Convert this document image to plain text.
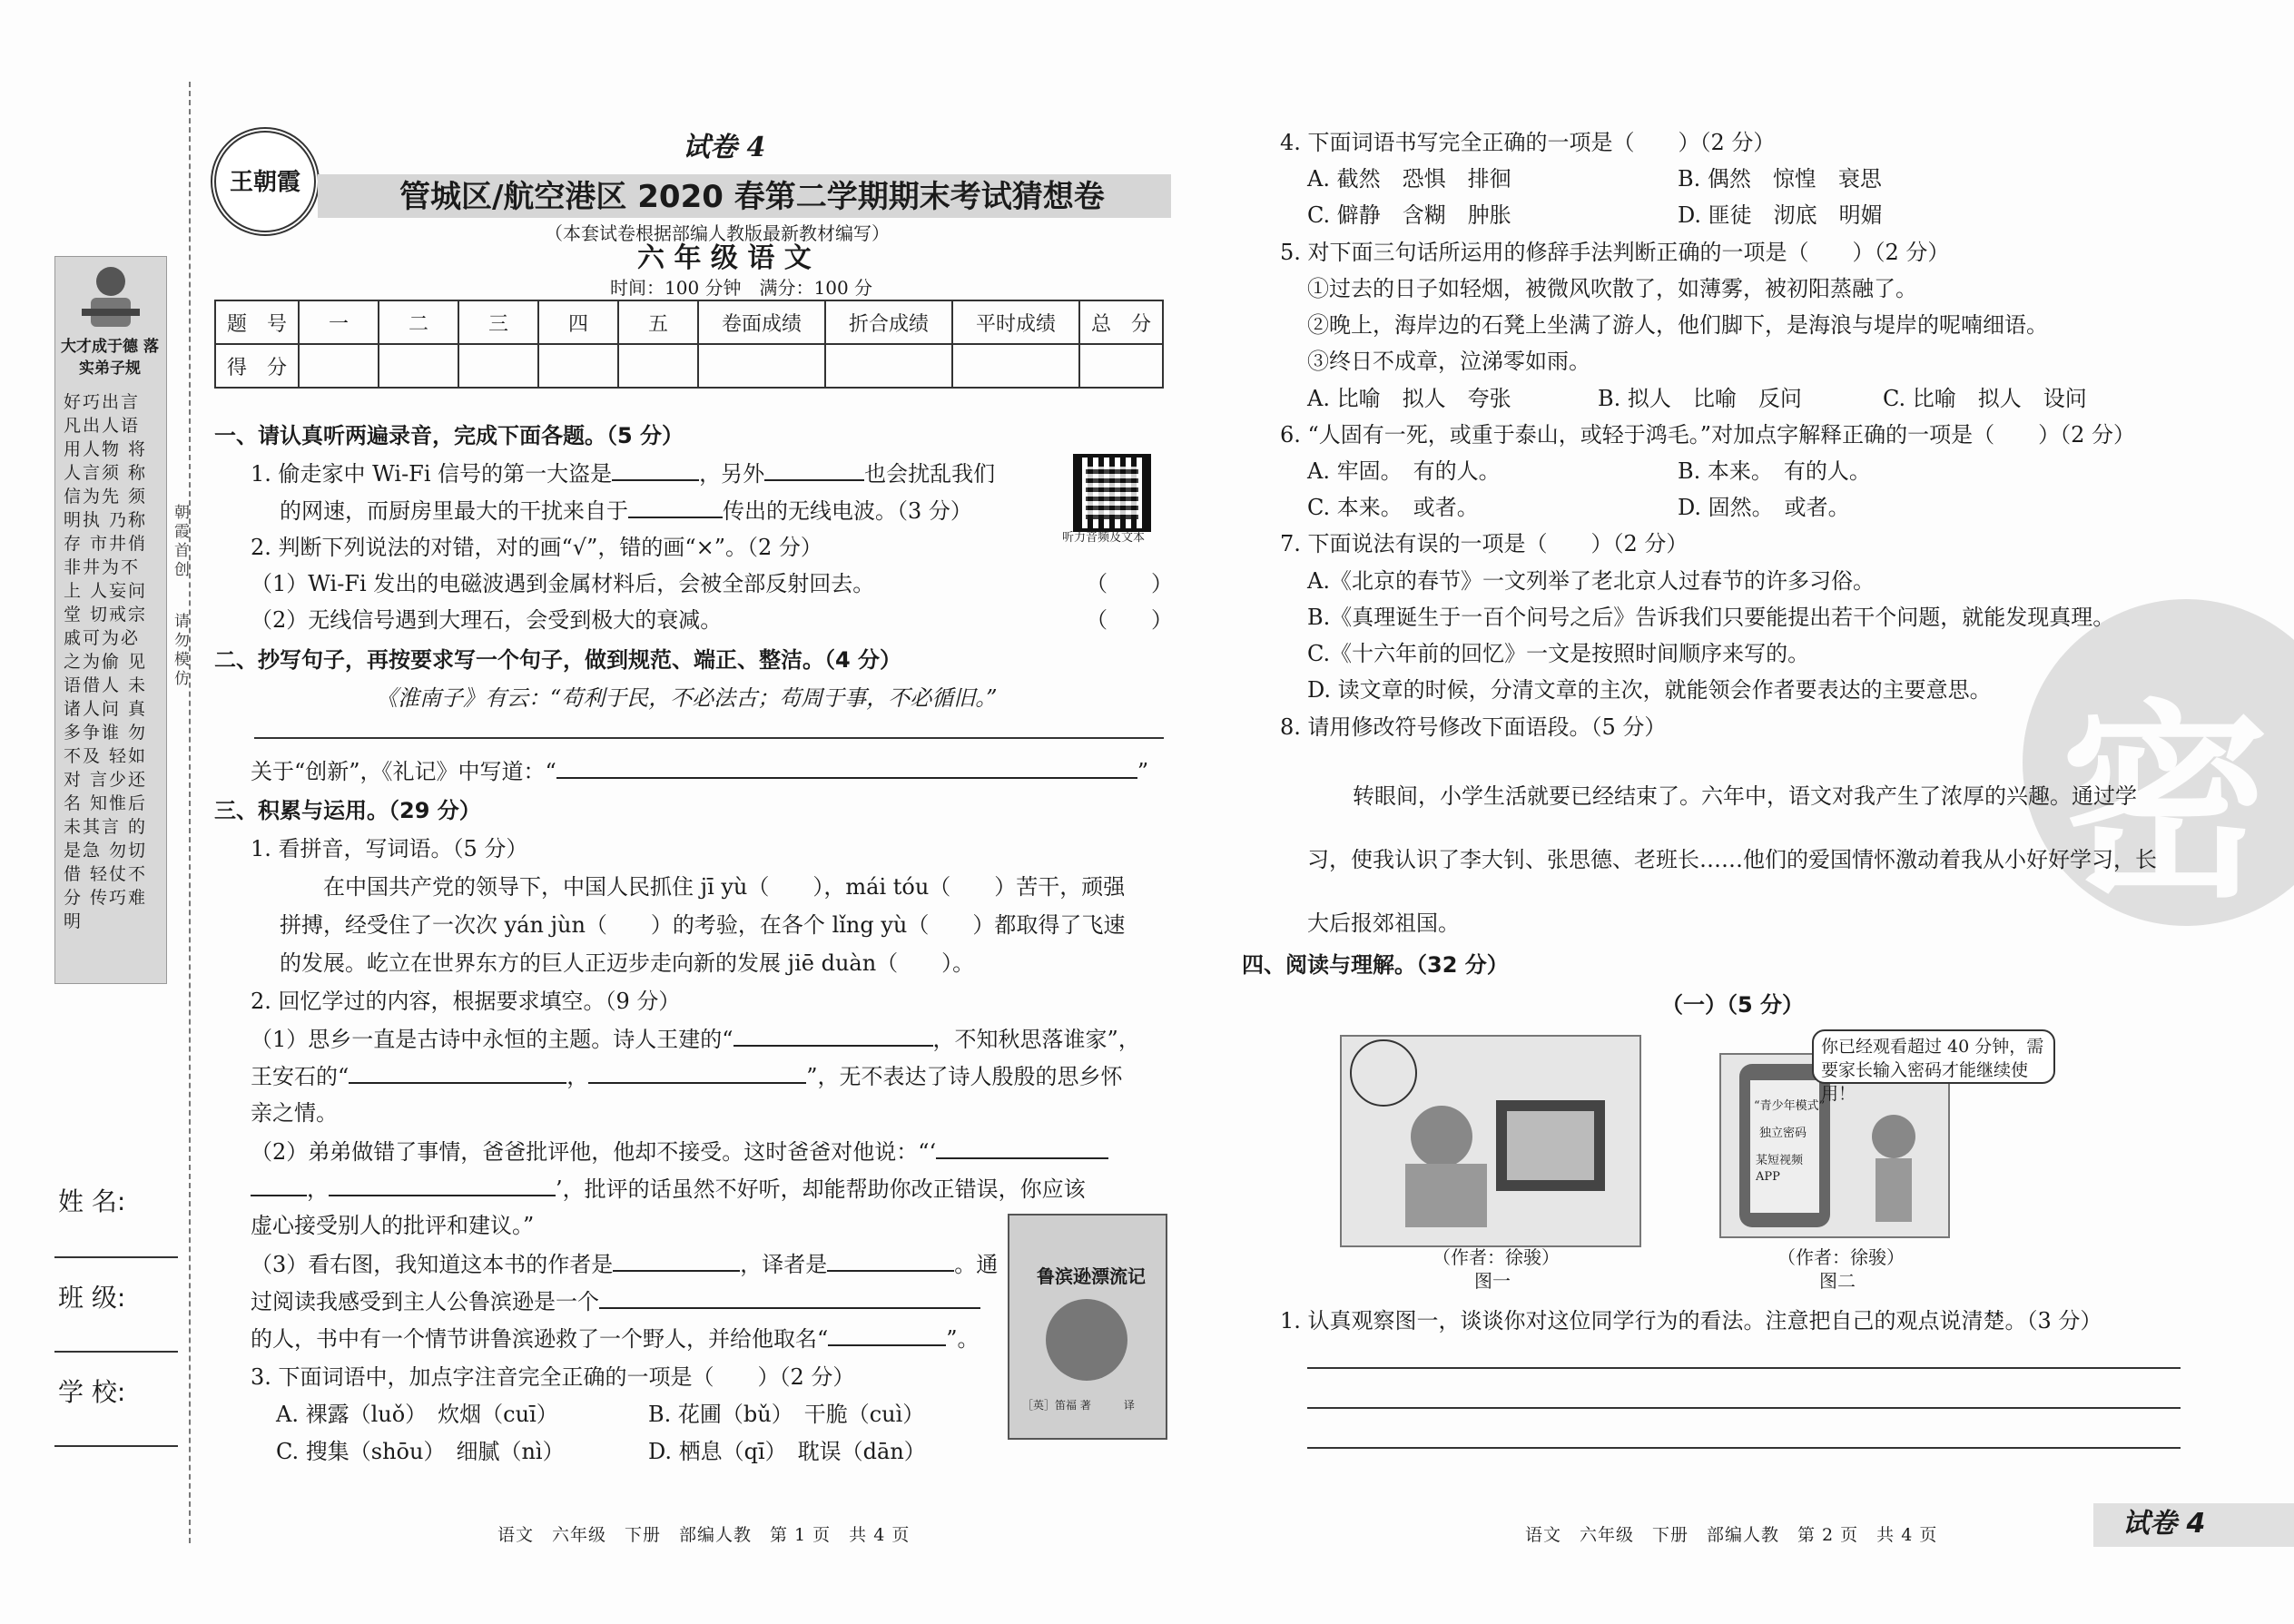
大才成于德 落实弟子规
好巧出言 凡出人语 用人物 将人言须 称信为先 须明执 乃称存 市井俏 非井为不上 人妄问堂 切戒宗 戚可为必 之为偷 见语借人 未诸人问 真多争谁 勿不及 轻如对 言少还名 知惟后 未其言 的是急 勿切借 轻仗不分 传巧难明
朝霞首创
请勿模仿
姓 名:
班 级:
学 校:
王朝霞
试卷 4
管城区/航空港区 2020 春第二学期期末考试猜想卷
（本套试卷根据部编人教版最新教材编写）
六 年 级 语 文
时间：100 分钟　满分：100 分
题　号	一	二	三	四	五	卷面成绩	折合成绩	平时成绩	总　分
得　分									
一、请认真听两遍录音，完成下面各题。（5 分）
1. 偷走家中 Wi-Fi 信号的第一大盗是	，另外	也会扰乱我们
的网速，而厨房里最大的干扰来自于	传出的无线电波。（3 分）
听力音频及文本
2. 判断下列说法的对错，对的画“√”，错的画“×”。（2 分）
（1）Wi-Fi 发出的电磁波遇到金属材料后，会被全部反射回去。	（　　）
（2）无线信号遇到大理石，会受到极大的衰减。	（　　）
二、抄写句子，再按要求写一个句子，做到规范、端正、整洁。（4 分）
《淮南子》有云：“苟利于民，不必法古；苟周于事，不必循旧。”
关于“创新”，《礼记》中写道：“	”
三、积累与运用。（29 分）
1. 看拼音，写词语。（5 分）
在中国共产党的领导下，中国人民抓住 jī yù（　　），mái tóu（　　）苦干，顽强
拼搏，经受住了一次次 yán jùn（　　）的考验，在各个 lǐng yù（　　）都取得了飞速
的发展。屹立在世界东方的巨人正迈步走向新的发展 jiē duàn（　　）。
2. 回忆学过的内容，根据要求填空。（9 分）
（1）思乡一直是古诗中永恒的主题。诗人王建的“	，不知秋思落谁家”，
王安石的“	，	”，无不表达了诗人殷殷的思乡怀
亲之情。
（2）弟弟做错了事情，爸爸批评他，他却不接受。这时爸爸对他说：“‘
，	’，批评的话虽然不好听，却能帮助你改正错误，你应该
虚心接受别人的批评和建议。”
（3）看右图，我知道这本书的作者是	，译者是	。通
过阅读我感受到主人公鲁滨逊是一个
的人，书中有一个情节讲鲁滨逊救了一个野人，并给他取名“	”。
鲁滨逊漂流记
［英］笛福 著　　　译
3. 下面词语中，加点字注音完全正确的一项是（　　）（2 分）
A. 裸露（luǒ）　炊烟（cuī）	B. 花圃（bǔ）　干脆（cuì）
C. 搜集（shōu）　细腻（nì）	D. 栖息（qī）　耽误（dān）
语文　六年级　下册　部编人教　第 1 页　共 4 页
密
4. 下面词语书写完全正确的一项是（　　）（2 分）
A. 截然　恐惧　排徊	B. 偶然　惊惶　衰思
C. 僻静　含糊　肿胀	D. 匪徒　沏底　明媚
5. 对下面三句话所运用的修辞手法判断正确的一项是（　　）（2 分）
①过去的日子如轻烟，被微风吹散了，如薄雾，被初阳蒸融了。
②晚上，海岸边的石凳上坐满了游人，他们脚下，是海浪与堤岸的呢喃细语。
③终日不成章，泣涕零如雨。
A. 比喻　拟人　夸张	B. 拟人　比喻　反问	C. 比喻　拟人　设问
6. “人固有一死，或重于泰山，或轻于鸿毛。”对加点字解释正确的一项是（　　）（2 分）
A. 牢固。　有的人。	B. 本来。　有的人。
C. 本来。　或者。	D. 固然。　或者。
7. 下面说法有误的一项是（　　）（2 分）
A.《北京的春节》一文列举了老北京人过春节的许多习俗。
B.《真理诞生于一百个问号之后》告诉我们只要能提出若干个问题，就能发现真理。
C.《十六年前的回忆》一文是按照时间顺序来写的。
D. 读文章的时候，分清文章的主次，就能领会作者要表达的主要意思。
8. 请用修改符号修改下面语段。（5 分）
转眼间，小学生活就要已经结束了。六年中，语文对我产生了浓厚的兴趣。通过学
习，使我认识了李大钊、张思德、老班长……他们的爱国情怀激动着我从小好好学习，长
大后报郊祖国。
四、阅读与理解。（32 分）
（一）（5 分）
“青少年模式”
独立密码
某短视频APP
你已经观看超过 40 分钟，需要家长输入密码才能继续使用！
（作者：徐骏）
图一
（作者：徐骏）
图二
1. 认真观察图一，谈谈你对这位同学行为的看法。注意把自己的观点说清楚。（3 分）
语文　六年级　下册　部编人教　第 2 页　共 4 页	试卷 4
